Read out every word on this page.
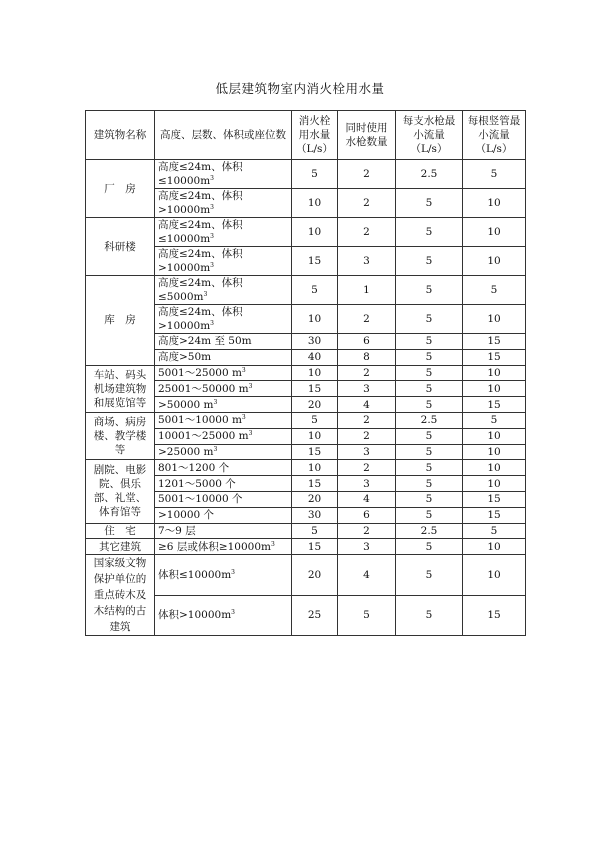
低层建筑物室内消火栓用水量
建筑物名称	高度、层数、体积或座位数	消火栓用水量（L/s）	同时使用水枪数量	每支水枪最小流量（L/s）	每根竖管最小流量（L/s）
厂　房	高度≤24m、体积$\le 10000m^3$	5	2	2.5	5
	高度≤24m、体积$>10000m^3$	10	2	5	10
科研楼	高度≤24m、体积$\le 10000m^3$	10	2	5	10
	高度≤24m、体积$>10000m^3$	15	3	5	10
库　房	高度≤24m、体积$\le 5000m^3$	5	1	5	5
	高度≤24m、体积$>10000m^3$	10	2	5	10
	高度>24m 至 50m	30	6	5	15
	高度>50m	40	8	5	15
车站、码头机场建筑物和展览馆等	5001～25000 $m^3$	10	2	5	10
	25001～50000 $m^3$	15	3	5	10
	>50000 $m^3$	20	4	5	15
商场、病房楼、教学楼等	5001～10000 $m^3$	5	2	2.5	5
	10001～25000 $m^3$	10	2	5	10
	>25000 $m^3$	15	3	5	10
剧院、电影院、俱乐部、礼堂、体育馆等	801～1200 个	10	2	5	10
	1201～5000 个	15	3	5	10
	5001～10000 个	20	4	5	15
	>10000 个	30	6	5	15
住　宅	7～9 层	5	2	2.5	5
其它建筑	≥6 层或体积$\ge 10000m^3$	15	3	5	10
国家级文物保护单位的重点砖木及木结构的古建筑	体积$\le 10000m^3$	20	4	5	10
	体积$>10000m^3$	25	5	5	15
